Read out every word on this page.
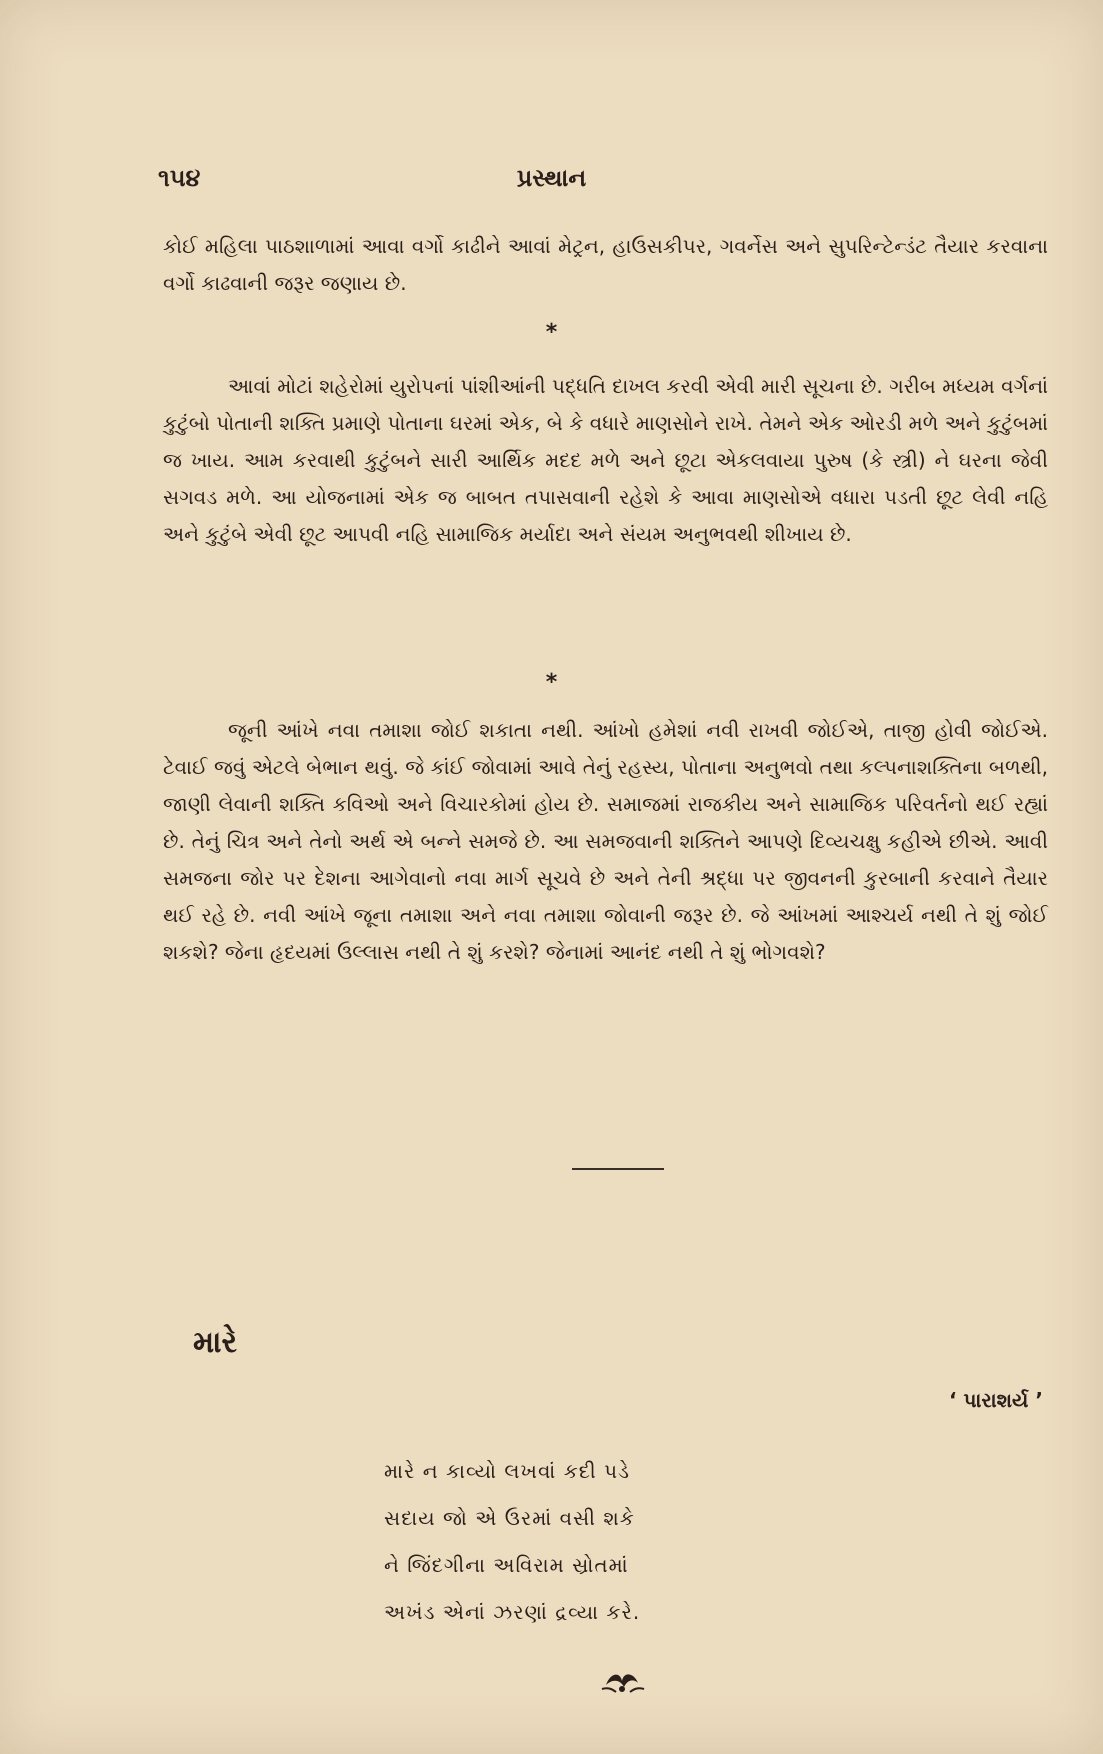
૧૫૪	પ્રસ્થાન

કોઈ મહિલા પાઠશાળામાં આવા વર્ગો કાઢીને આવાં મેટ્રન, હાઉસકીપર, ગવર્નેસ અને સુપરિન્ટેન્ડંટ તૈયાર કરવાના વર્ગો કાઢવાની જરૂર જણાય છે.

*

આવાં મોટાં શહેરોમાં યુરોપનાં પાંશીઆંની પદ્ધતિ દાખલ કરવી એવી મારી સૂચના છે. ગરીબ મધ્યમ વર્ગનાં કુટુંબો પોતાની શક્તિ પ્રમાણે પોતાના ઘરમાં એક, બે કે વધારે માણસોને રાખે. તેમને એક ઓરડી મળે અને કુટુંબમાં જ ખાય. આમ કરવાથી કુટુંબને સારી આર્થિક મદદ મળે અને છૂટા એકલવાયા પુરુષ (કે સ્ત્રી) ને ઘરના જેવી સગવડ મળે. આ યોજનામાં એક જ બાબત તપાસવાની રહેશે કે આવા માણસોએ વધારા પડતી છૂટ લેવી નહિ અને કુટુંબે એવી છૂટ આપવી નહિ સામાજિક મર્યાદા અને સંયમ અનુભવથી શીખાય છે.

*

જૂની આંખે નવા તમાશા જોઈ શકાતા નથી. આંખો હમેશાં નવી રાખવી જોઈએ, તાજી હોવી જોઈએ. ટેવાઈ જવું એટલે બેભાન થવું. જે કાંઈ જોવામાં આવે તેનું રહસ્ય, પોતાના અનુભવો તથા કલ્પનાશક્તિના બળથી, જાણી લેવાની શક્તિ કવિઓ અને વિચારકોમાં હોય છે. સમાજમાં રાજકીય અને સામાજિક પરિવર્તનો થઈ રહ્યાં છે. તેનું ચિત્ર અને તેનો અર્થ એ બન્ને સમજે છે. આ સમજવાની શક્તિને આપણે દિવ્યચક્ષુ કહીએ છીએ. આવી સમજના જોર પર દેશના આગેવાનો નવા માર્ગ સૂચવે છે અને તેની શ્રદ્ધા પર જીવનની કુરબાની કરવાને તૈયાર થઈ રહે છે. નવી આંખે જૂના તમાશા અને નવા તમાશા જોવાની જરૂર છે. જે આંખમાં આશ્ચર્ય નથી તે શું જોઈ શકશે? જેના હૃદયમાં ઉલ્લાસ નથી તે શું કરશે? જેનામાં આનંદ નથી તે શું ભોગવશે?

મારે
‘ પારાશર્ય ’
મારે ન કાવ્યો લખવાં કદી પડે
સદાય જો એ ઉરમાં વસી શકે
ને જિંદગીના અવિરામ સ્રોતમાં
અખંડ એનાં ઝરણાં દ્રવ્યા કરે.
